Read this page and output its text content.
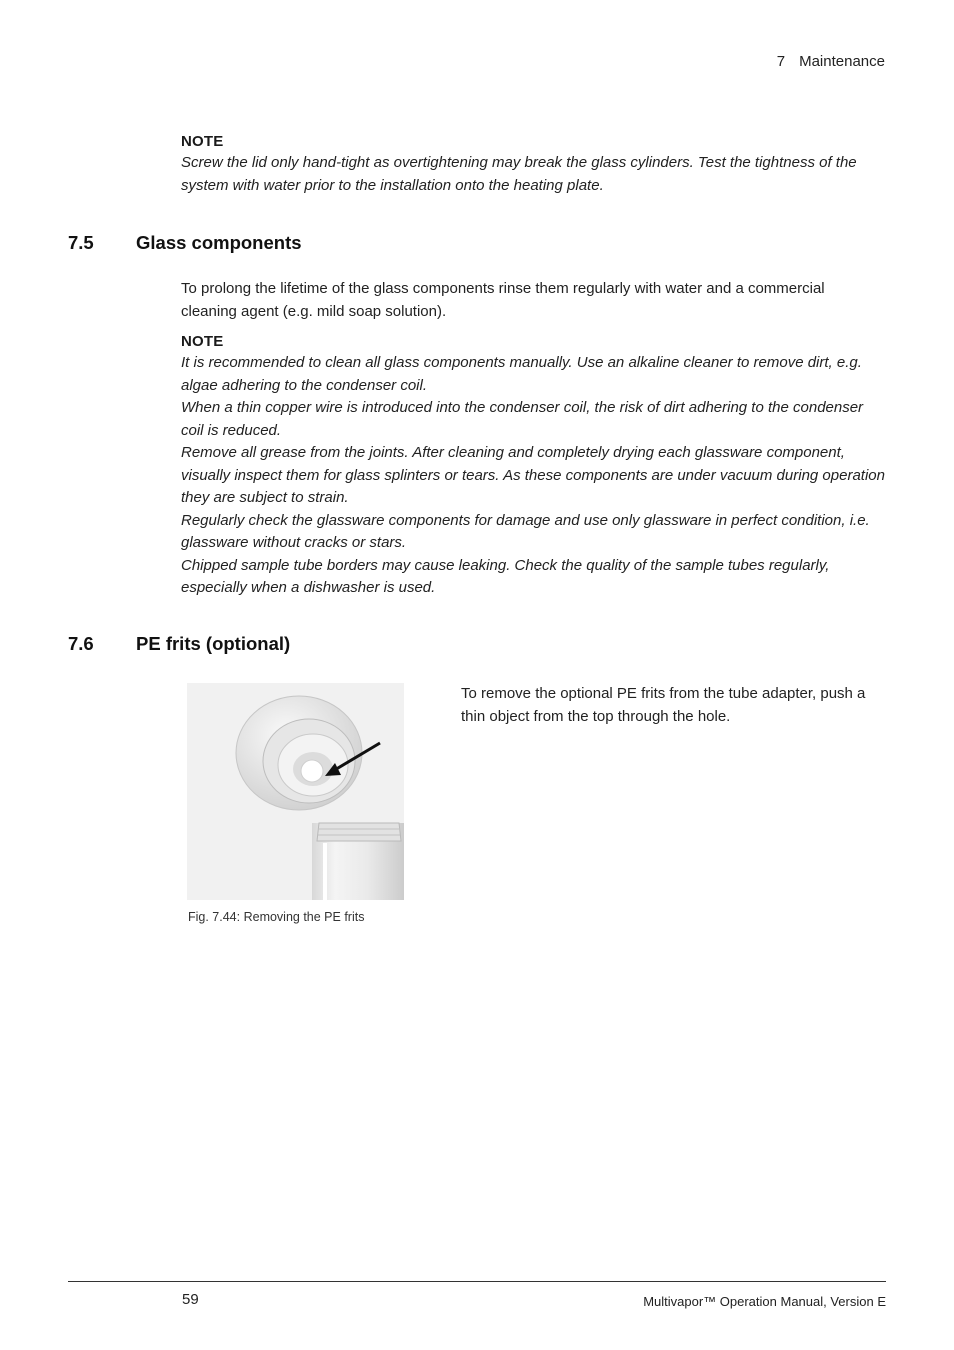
7 Maintenance
NOTE
Screw the lid only hand-tight as overtightening may break the glass cylinders. Test the tightness of the system with water prior to the installation onto the heating plate.
7.5 Glass components
To prolong the lifetime of the glass components rinse them regularly with water and a commercial cleaning agent (e.g. mild soap solution).
NOTE

It is recommended to clean all glass components manually. Use an alkaline cleaner to remove dirt, e.g. algae adhering to the condenser coil.

When a thin copper wire is introduced into the condenser coil, the risk of dirt adhering to the condenser coil is reduced.

Remove all grease from the joints. After cleaning and completely drying each glassware component, visually inspect them for glass splinters or tears. As these components are under vacuum during operation they are subject to strain.

Regularly check the glassware components for damage and use only glassware in perfect condition, i.e. glassware without cracks or stars.

Chipped sample tube borders may cause leaking. Check the quality of the sample tubes regularly, especially when a dishwasher is used.

7.6 PE frits (optional)
Fig. 7.44: Removing the PE frits
To remove the optional PE frits from the tube adapter, push a thin object from the top through the hole.
59	Multivapor™ Operation Manual, Version E
